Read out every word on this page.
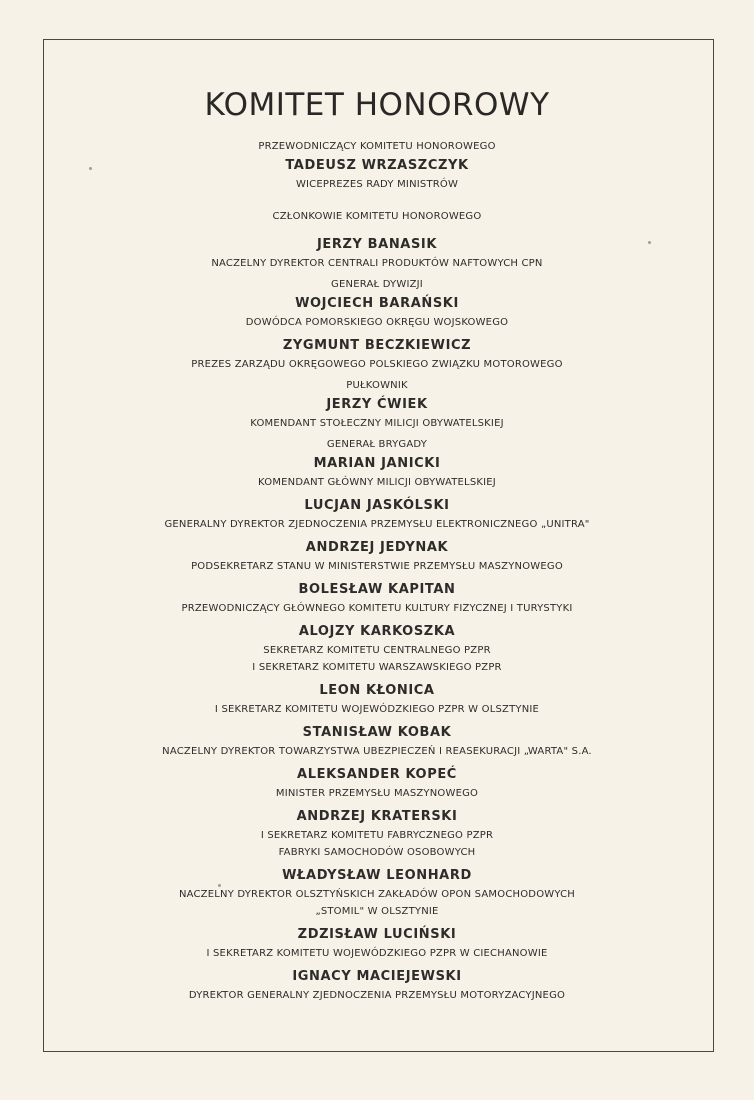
KOMITET HONOROWY
PRZEWODNICZĄCY KOMITETU HONOROWEGO
TADEUSZ WRZASZCZYK
WICEPREZES RADY MINISTRÓW
CZŁONKOWIE KOMITETU HONOROWEGO
JERZY BANASIK
NACZELNY DYREKTOR CENTRALI PRODUKTÓW NAFTOWYCH CPN
GENERAŁ DYWIZJI
WOJCIECH BARAŃSKI
DOWÓDCA POMORSKIEGO OKRĘGU WOJSKOWEGO
ZYGMUNT BECZKIEWICZ
PREZES ZARZĄDU OKRĘGOWEGO POLSKIEGO ZWIĄZKU MOTOROWEGO
PUŁKOWNIK
JERZY ĆWIEK
KOMENDANT STOŁECZNY MILICJI OBYWATELSKIEJ
GENERAŁ BRYGADY
MARIAN JANICKI
KOMENDANT GŁÓWNY MILICJI OBYWATELSKIEJ
LUCJAN JASKÓLSKI
GENERALNY DYREKTOR ZJEDNOCZENIA PRZEMYSŁU ELEKTRONICZNEGO „UNITRA"
ANDRZEJ JEDYNAK
PODSEKRETARZ STANU W MINISTERSTWIE PRZEMYSŁU MASZYNOWEGO
BOLESŁAW KAPITAN
PRZEWODNICZĄCY GŁÓWNEGO KOMITETU KULTURY FIZYCZNEJ I TURYSTYKI
ALOJZY KARKOSZKA
SEKRETARZ KOMITETU CENTRALNEGO PZPR
I SEKRETARZ KOMITETU WARSZAWSKIEGO PZPR
LEON KŁONICA
I SEKRETARZ KOMITETU WOJEWÓDZKIEGO PZPR W OLSZTYNIE
STANISŁAW KOBAK
NACZELNY DYREKTOR TOWARZYSTWA UBEZPIECZEŃ I REASEKURACJI „WARTA" S.A.
ALEKSANDER KOPEĆ
MINISTER PRZEMYSŁU MASZYNOWEGO
ANDRZEJ KRATERSKI
I SEKRETARZ KOMITETU FABRYCZNEGO PZPR
FABRYKI SAMOCHODÓW OSOBOWYCH
WŁADYSŁAW LEONHARD
NACZELNY DYREKTOR OLSZTYŃSKICH ZAKŁADÓW OPON SAMOCHODOWYCH
„STOMIL" W OLSZTYNIE
ZDZISŁAW LUCIŃSKI
I SEKRETARZ KOMITETU WOJEWÓDZKIEGO PZPR W CIECHANOWIE
IGNACY MACIEJEWSKI
DYREKTOR GENERALNY ZJEDNOCZENIA PRZEMYSŁU MOTORYZACYJNEGO
